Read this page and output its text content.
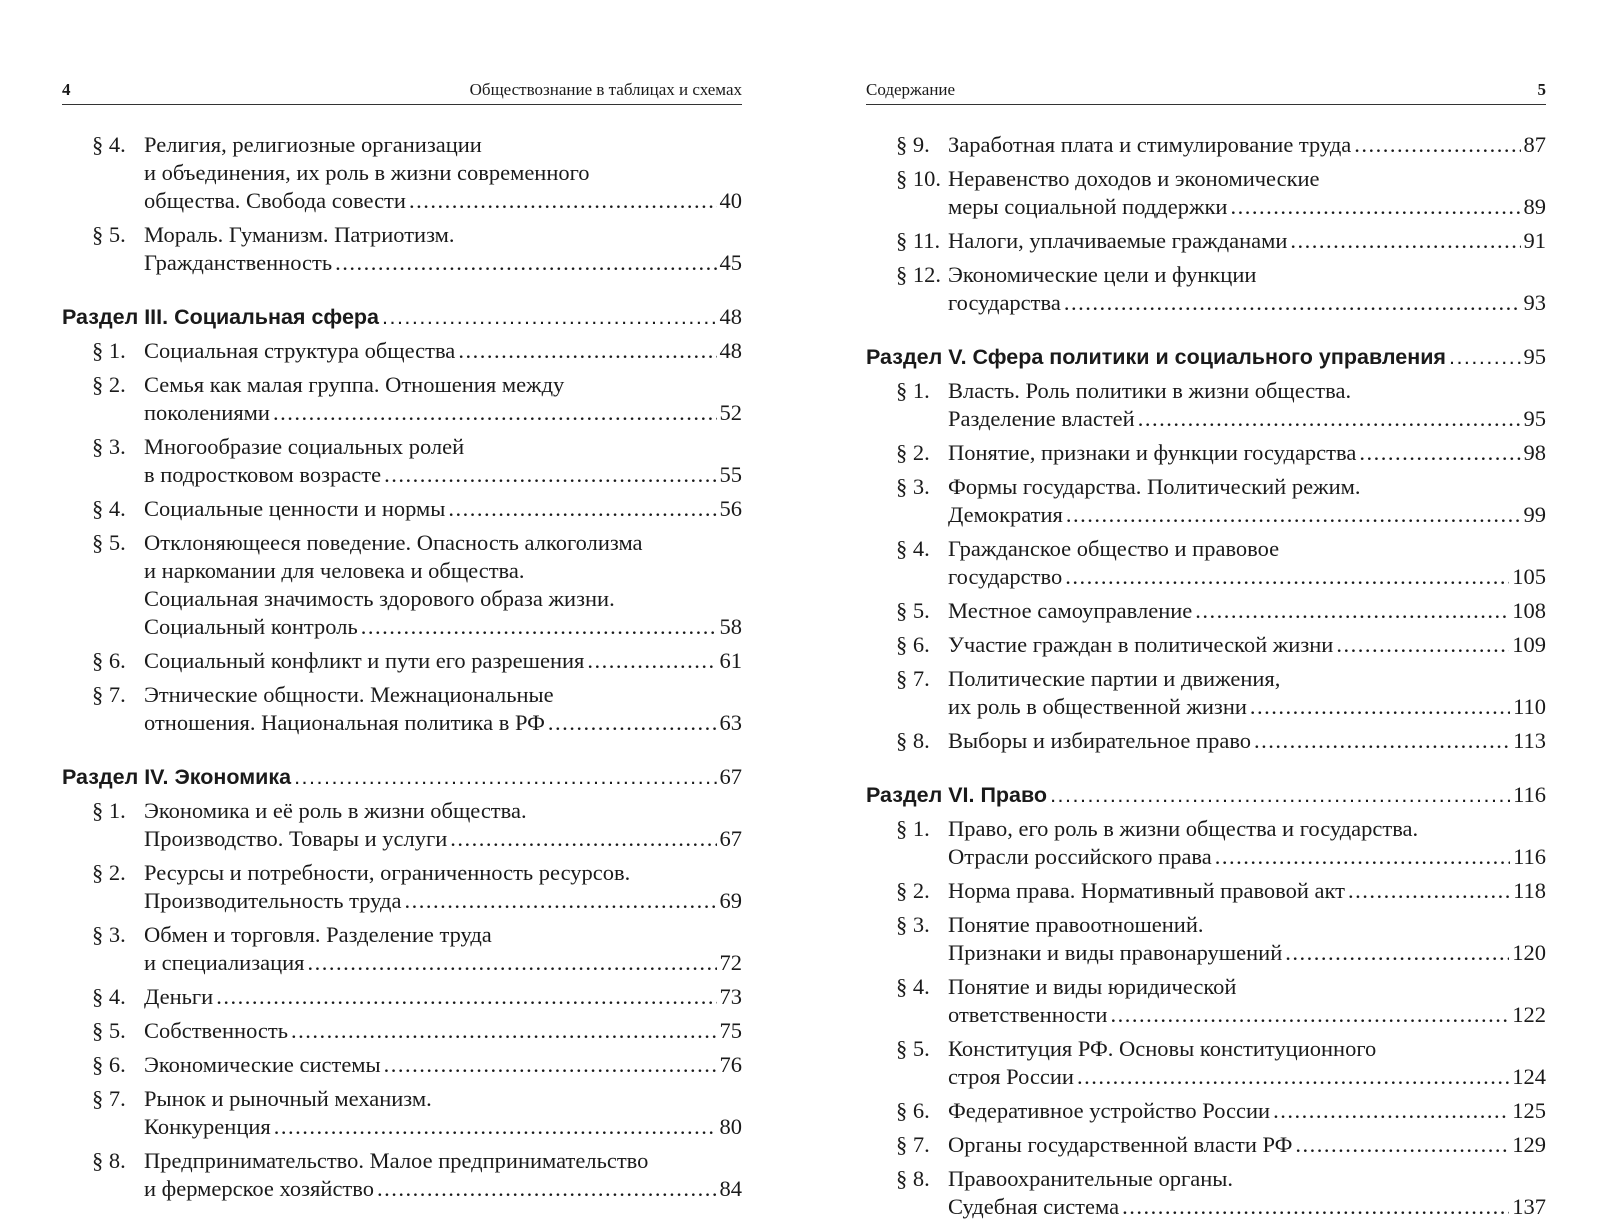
4	Обществознание в таблицах и схемах
§ 4. Религия, религиозные организации
и объединения, их роль в жизни современного
общества. Свобода совести .....	40
§ 5. Мораль. Гуманизм. Патриотизм.
Гражданственность .....	45
Раздел III. Социальная сфера .....	48
§ 1. Социальная структура общества .....	48
§ 2. Семья как малая группа. Отношения между
поколениями .....	52
§ 3. Многообразие социальных ролей
в подростковом возрасте .....	55
§ 4. Социальные ценности и нормы .....	56
§ 5. Отклоняющееся поведение. Опасность алкоголизма
и наркомании для человека и общества.
Социальная значимость здорового образа жизни.
Социальный контроль .....	58
§ 6. Социальный конфликт и пути его разрешения .....	61
§ 7. Этнические общности. Межнациональные
отношения. Национальная политика в РФ .....	63
Раздел IV. Экономика .....	67
§ 1. Экономика и её роль в жизни общества.
Производство. Товары и услуги .....	67
§ 2. Ресурсы и потребности, ограниченность ресурсов.
Производительность труда .....	69
§ 3. Обмен и торговля. Разделение труда
и специализация .....	72
§ 4. Деньги .....	73
§ 5. Собственность .....	75
§ 6. Экономические системы .....	76
§ 7. Рынок и рыночный механизм.
Конкуренция .....	80
§ 8. Предпринимательство. Малое предпринимательство
и фермерское хозяйство .....	84
Содержание	5
§ 9. Заработная плата и стимулирование труда .....	87
§ 10. Неравенство доходов и экономические
меры социальной поддержки .....	89
§ 11. Налоги, уплачиваемые гражданами .....	91
§ 12. Экономические цели и функции
государства .....	93
Раздел V. Сфера политики и социального управления .....	95
§ 1. Власть. Роль политики в жизни общества.
Разделение властей .....	95
§ 2. Понятие, признаки и функции государства .....	98
§ 3. Формы государства. Политический режим.
Демократия .....	99
§ 4. Гражданское общество и правовое
государство .....	105
§ 5. Местное самоуправление .....	108
§ 6. Участие граждан в политической жизни .....	109
§ 7. Политические партии и движения,
их роль в общественной жизни .....	110
§ 8. Выборы и избирательное право .....	113
Раздел VI. Право .....	116
§ 1. Право, его роль в жизни общества и государства.
Отрасли российского права .....	116
§ 2. Норма права. Нормативный правовой акт .....	118
§ 3. Понятие правоотношений.
Признаки и виды правонарушений .....	120
§ 4. Понятие и виды юридической
ответственности .....	122
§ 5. Конституция РФ. Основы конституционного
строя России .....	124
§ 6. Федеративное устройство России .....	125
§ 7. Органы государственной власти РФ .....	129
§ 8. Правоохранительные органы.
Судебная система .....	137
